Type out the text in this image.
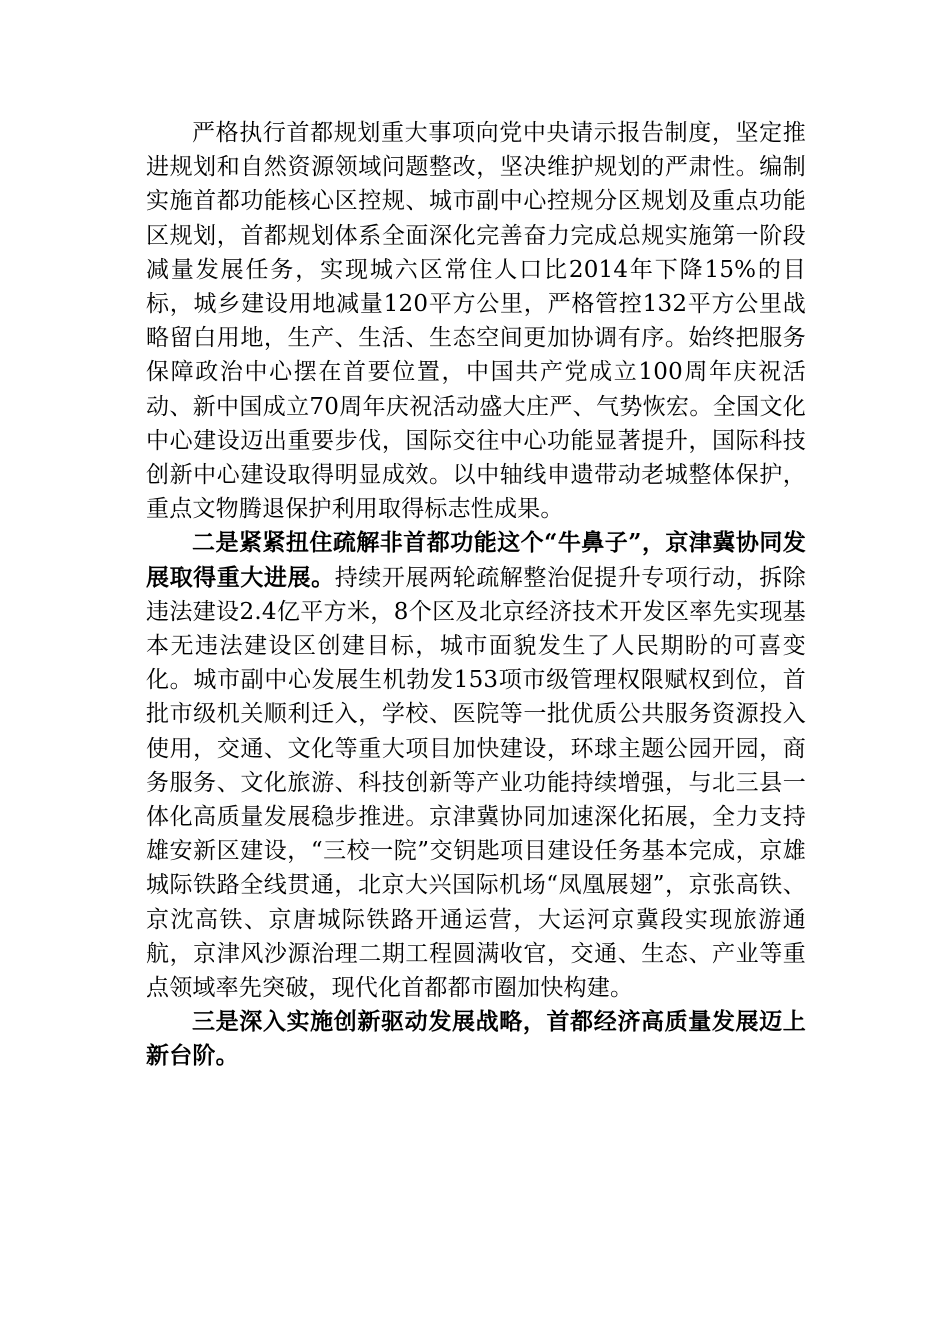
严格执行首都规划重大事项向党中央请示报告制度，坚定推进规划和自然资源领域问题整改，坚决维护规划的严肃性。编制实施首都功能核心区控规、城市副中心控规分区规划及重点功能区规划，首都规划体系全面深化完善奋力完成总规实施第一阶段减量发展任务，实现城六区常住人口比2014年下降15%的目标，城乡建设用地减量120平方公里，严格管控132平方公里战略留白用地，生产、生活、生态空间更加协调有序。始终把服务保障政治中心摆在首要位置，中国共产党成立100周年庆祝活动、新中国成立70周年庆祝活动盛大庄严、气势恢宏。全国文化中心建设迈出重要步伐，国际交往中心功能显著提升，国际科技创新中心建设取得明显成效。以中轴线申遗带动老城整体保护，重点文物腾退保护利用取得标志性成果。

二是紧紧扭住疏解非首都功能这个“牛鼻子”，京津冀协同发展取得重大进展。持续开展两轮疏解整治促提升专项行动，拆除违法建设2.4亿平方米，8个区及北京经济技术开发区率先实现基本无违法建设区创建目标，城市面貌发生了人民期盼的可喜变化。城市副中心发展生机勃发153项市级管理权限赋权到位，首批市级机关顺利迁入，学校、医院等一批优质公共服务资源投入使用，交通、文化等重大项目加快建设，环球主题公园开园，商务服务、文化旅游、科技创新等产业功能持续增强，与北三县一体化高质量发展稳步推进。京津冀协同加速深化拓展，全力支持雄安新区建设，“三校一院”交钥匙项目建设任务基本完成，京雄城际铁路全线贯通，北京大兴国际机场“凤凰展翅”，京张高铁、京沈高铁、京唐城际铁路开通运营，大运河京冀段实现旅游通航，京津风沙源治理二期工程圆满收官，交通、生态、产业等重点领域率先突破，现代化首都都市圈加快构建。

三是深入实施创新驱动发展战略，首都经济高质量发展迈上新台阶。
